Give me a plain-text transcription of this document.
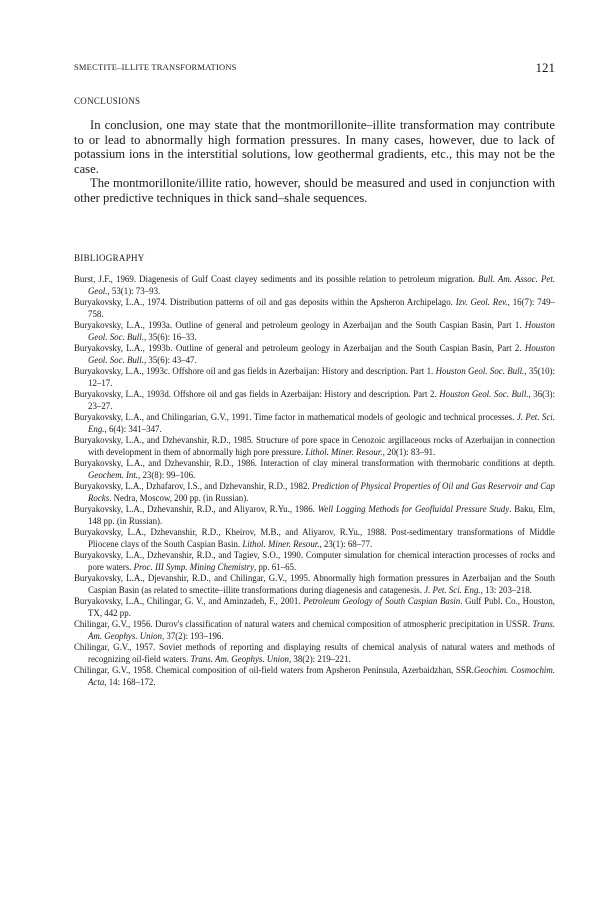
SMECTITE–ILLITE TRANSFORMATIONS	121
CONCLUSIONS

In conclusion, one may state that the montmorillonite–illite transformation may contribute to or lead to abnormally high formation pressures. In many cases, however, due to lack of potassium ions in the interstitial solutions, low geothermal gradients, etc., this may not be the case.

The montmorillonite/illite ratio, however, should be measured and used in conjunction with other predictive techniques in thick sand–shale sequences.

BIBLIOGRAPHY

Burst, J.F., 1969. Diagenesis of Gulf Coast clayey sediments and its possible relation to petroleum migration. Bull. Am. Assoc. Pet. Geol., 53(1): 73–93.

Buryakovsky, L.A., 1974. Distribution patterns of oil and gas deposits within the Apsheron Archipelago. Izv. Geol. Rev., 16(7): 749–758.

Buryakovsky, L.A., 1993a. Outline of general and petroleum geology in Azerbaijan and the South Caspian Basin, Part 1. Houston Geol. Soc. Bull., 35(6): 16–33.

Buryakovsky, L.A., 1993b. Outline of general and petroleum geology in Azerbaijan and the South Caspian Basin, Part 2. Houston Geol. Soc. Bull., 35(6): 43–47.

Buryakovsky, L.A., 1993c. Offshore oil and gas fields in Azerbaijan: History and description. Part 1. Houston Geol. Soc. Bull., 35(10): 12–17.

Buryakovsky, L.A., 1993d. Offshore oil and gas fields in Azerbaijan: History and description. Part 2. Houston Geol. Soc. Bull., 36(3): 23–27.

Buryakovsky, L.A., and Chilingarian, G.V., 1991. Time factor in mathematical models of geologic and technical processes. J. Pet. Sci. Eng., 6(4): 341–347.

Buryakovsky, L.A., and Dzhevanshir, R.D., 1985. Structure of pore space in Cenozoic argillaceous rocks of Azerbaijan in connection with development in them of abnormally high pore pressure. Lithol. Miner. Resour., 20(1): 83–91.

Buryakovsky, L.A., and Dzhevanshir, R.D., 1986. Interaction of clay mineral transformation with thermobaric conditions at depth. Geochem. Int., 23(8): 99–106.

Buryakovsky, L.A., Dzhafarov, I.S., and Dzhevanshir, R.D., 1982. Prediction of Physical Properties of Oil and Gas Reservoir and Cap Rocks. Nedra, Moscow, 200 pp. (in Russian).

Buryakovsky, L.A., Dzhevanshir, R.D., and Aliyarov, R.Yu., 1986. Well Logging Methods for Geofluidal Pressure Study. Baku, Elm, 148 pp. (in Russian).

Buryakovsky, L.A., Dzhevanshir, R.D., Kheirov, M.B., and Aliyarov, R.Yu., 1988. Post-sedimentary transformations of Middle Pliocene clays of the South Caspian Basin. Lithol. Miner. Resour., 23(1): 68–77.

Buryakovsky, L.A., Dzhevanshir, R.D., and Tagiev, S.O., 1990. Computer simulation for chemical interaction processes of rocks and pore waters. Proc. III Symp. Mining Chemistry, pp. 61–65.

Buryakovsky, L.A., Djevanshir, R.D., and Chilingar, G.V., 1995. Abnormally high formation pressures in Azerbaijan and the South Caspian Basin (as related to smectite–illite transformations during diagenesis and catagenesis. J. Pet. Sci. Eng., 13: 203–218.

Buryakovsky, L.A., Chilingar, G. V., and Aminzadeh, F., 2001. Petroleum Geology of South Caspian Basin. Gulf Publ. Co., Houston, TX, 442 pp.

Chilingar, G.V., 1956. Durov's classification of natural waters and chemical composition of atmospheric precipitation in USSR. Trans. Am. Geophys. Union, 37(2): 193–196.

Chilingar, G.V., 1957. Soviet methods of reporting and displaying results of chemical analysis of natural waters and methods of recognizing oil-field waters. Trans. Am. Geophys. Union, 38(2): 219–221.

Chilingar, G.V., 1958. Chemical composition of oil-field waters from Apsheron Peninsula, Azerbaidzhan, SSR.Geochim. Cosmochim. Acta, 14: 168–172.
